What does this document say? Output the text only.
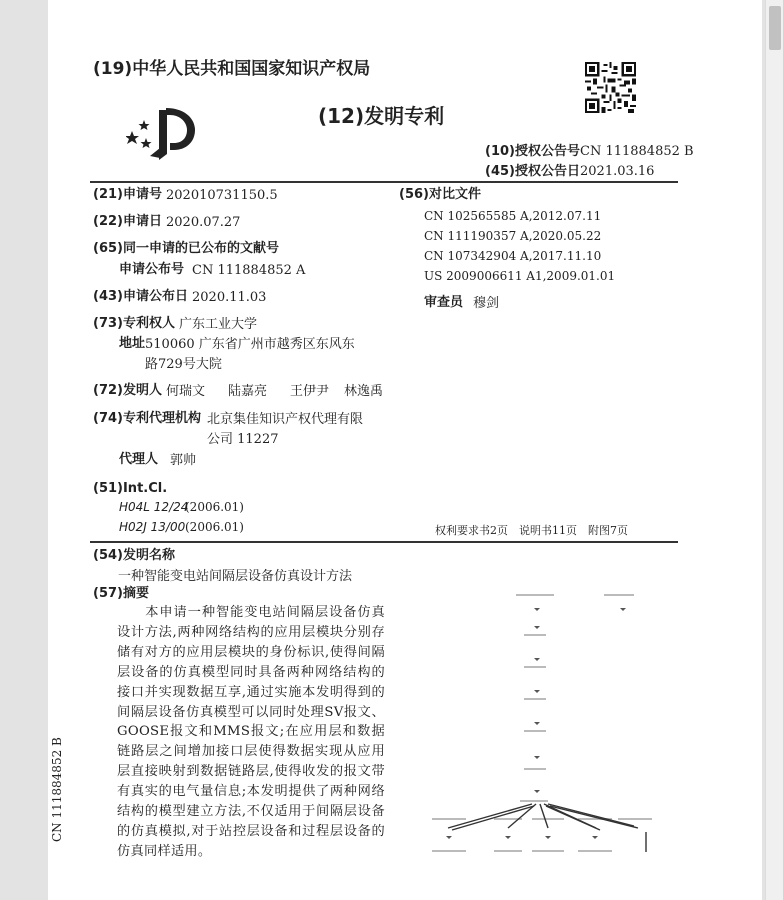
(19)中华人民共和国国家知识产权局
(12)发明专利
(10)授权公告号 CN 111884852 B
(45)授权公告日 2021.03.16
(21)申请号 202010731150.5
(22)申请日 2020.07.27
(65)同一申请的已公布的文献号
申请公布号 CN 111884852 A
(43)申请公布日 2020.11.03
(73)专利权人 广东工业大学
地址 510060 广东省广州市越秀区东风东
路729号大院
(72)发明人 何瑞文 陆嘉亮 王伊尹 林逸禹
(74)专利代理机构 北京集佳知识产权代理有限
公司 11227
代理人 郭帅
(51)Int.Cl.
H04L 12/24
(2006.01)
H02J 13/00 (2006.01)
(56)对比文件
CN 102565585 A,2012.07.11
CN 111190357 A,2020.05.22
CN 107342904 A,2017.11.10
US 2009006611 A1,2009.01.01
审查员 穆剑
权利要求书2页　说明书11页　附图7页
(54)发明名称
一种智能变电站间隔层设备仿真设计方法
(57)摘要
　　本申请一种智能变电站间隔层设备仿真设计方法,两种网络结构的应用层模块分别存储有对方的应用层模块的身份标识,使得间隔层设备的仿真模型同时具备两种网络结构的接口并实现数据互享,通过实施本发明得到的间隔层设备仿真模型可以同时处理SV报文、GOOSE报文和MMS报文;在应用层和数据链路层之间增加接口层使得数据实现从应用层直接映射到数据链路层,使得收发的报文带有真实的电气量信息;本发明提供了两种网络结构的模型建立方法,不仅适用于间隔层设备的仿真模拟,对于站控层设备和过程层设备的仿真同样适用。
CN 111884852 B
